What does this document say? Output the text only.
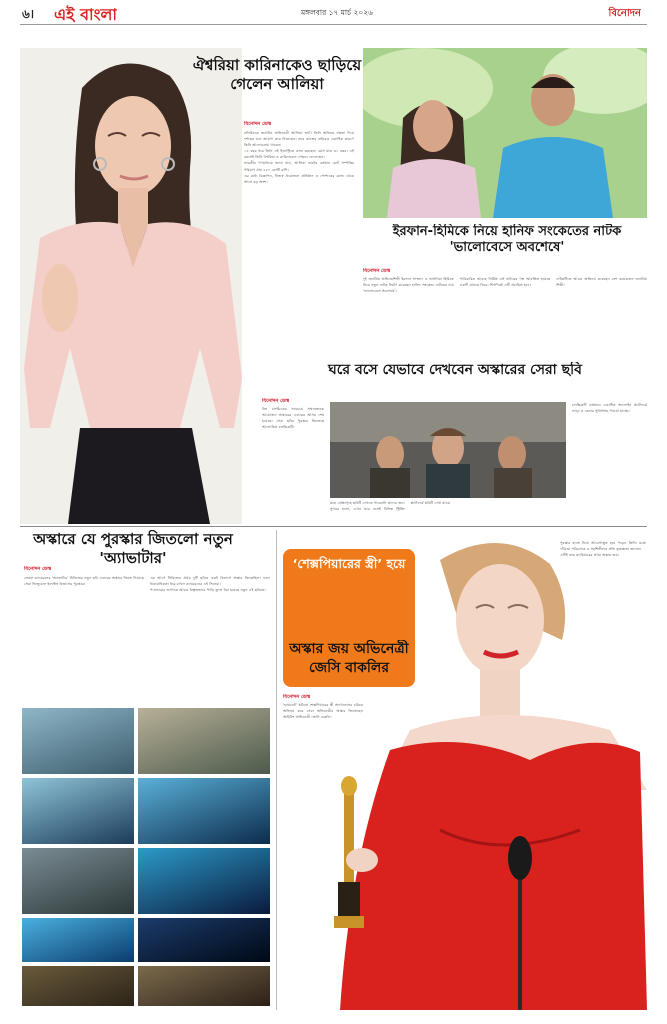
৬। এই বাংলা	মঙ্গলবার ১৭ মার্চ ২০২৬	বিনোদন
ঐশ্বরিয়া কারিনাকেও ছাড়িয়ে গেলেন আলিয়া
বিনোদন ডেস্ক

বলিউডের জনপ্রিয় অভিনেত্রী আলিয়া ভাট। তিনি অভিনয় দক্ষতা দিয়ে দর্শকের মনে জায়গা করে নিয়েছেন। তবে কাজের বাইরেও একাধিক কারণে তিনি আলোচনায় থাকেন।

১৪ বছর ধরে তিনি এই ইন্ডাস্ট্রিতে কাজ করছেন। বয়স মাত্র ৩১ বছর। এই বয়সেই তিনি ঐশ্বরিয়া ও কারিনাকেও পেছনে ফেলেছেন।

ভারতীয় গণমাধ্যমে জানা যায়, আলিয়া ভাটের বর্তমান মোট সম্পত্তির পরিমাণ প্রায় ৫৫০ কোটি রুপি।

এর মধ্যে বিজ্ঞাপন, নিজস্ব প্রযোজনা প্রতিষ্ঠান ও পোশাকের ব্র্যান্ড থেকে আসে বড় অংশ।

ইরফান-হিমিকে নিয়ে হানিফ সংকেতের নাটক 'ভালোবেসে অবশেষে'
বিনোদন ডেস্ক

দুই জনপ্রিয় অভিনয়শিল্পী ইরফান সাজ্জাদ ও তাসনিয়া হিমিকে নিয়ে নতুন নাটক নির্মাণ করেছেন হানিফ সংকেত। নাটকের নাম ‘ভালোবেসে অবশেষে’।

পারিবারিক আবহে নির্মিত এই নাটকের গল্প আবর্তিত হয়েছে একটি গ্রামকে ঘিরে। শিগগিরই এটি প্রচারিত হবে।

নাটকটিতে আরও অভিনয় করেছেন বেশ কয়েকজন জনপ্রিয় শিল্পী।

ঘরে বসে যেভাবে দেখবেন অস্কারের সেরা ছবি
বিনোদন ডেস্ক

বিশ্ব চলচ্চিত্রের সবচেয়ে সম্মানজনক আয়োজন অস্কারের এবারের আসর শেষ হয়েছে। সেরা ছবির পুরস্কার জিতেছে আলোচিত চলচ্চিত্রটি।

যারা প্রেক্ষাগৃহে ছবিটি দেখতে পারেননি তাদের জন্য সুখবর হলো, এখন ঘরে বসেই বিভিন্ন স্ট্রিমিং প্ল্যাটফর্মে ছবিটি দেখা যাবে।

চলচ্চিত্রটি বর্তমানে একাধিক অনলাইন প্ল্যাটফর্মে ভাড়া ও কেনার সুবিধাসহ পাওয়া যাচ্ছে।

অস্কারে যে পুরস্কার জিতলো নতুন 'অ্যাভাটার'
বিনোদন ডেস্ক

জেমস ক্যামেরনের ‘অ্যাভাটার’ সিরিজের নতুন ছবি এবারের অস্কারে জিতে নিয়েছে সেরা ভিজ্যুয়াল ইফেক্টস বিভাগের পুরস্কার।

এর আগে সিরিজের প্রথম দুটি ছবিও একই বিভাগে অস্কার জিতেছিল। ফলে ধারাবাহিকতা ধরে রাখল ক্যামেরনের এই সিনেমা।

প্যান্ডোরার জগৎকে আরও বিস্তৃতভাবে পর্দায় তুলে ধরা হয়েছে নতুন এই ছবিতে।

‘শেক্সপিয়ারের স্ত্রী’ হয়ে
অস্কার জয় অভিনেত্রী জেসি বাকলির
বিনোদন ডেস্ক

‘হ্যামনেট’ ছবিতে শেক্সপিয়ারের স্ত্রী অ্যাগনেসের চরিত্রে অভিনয় করে সেরা অভিনেত্রীর অস্কার জিতেছেন আইরিশ অভিনেত্রী জেসি বাকলি।

পুরস্কার হাতে নিয়ে আবেগাপ্লুত হয়ে পড়েন তিনি। মঞ্চে দাঁড়িয়ে পরিচালক ও সহশিল্পীদের প্রতি কৃতজ্ঞতা জানান।

এটিই তার ক্যারিয়ারের প্রথম অস্কার জয়।
